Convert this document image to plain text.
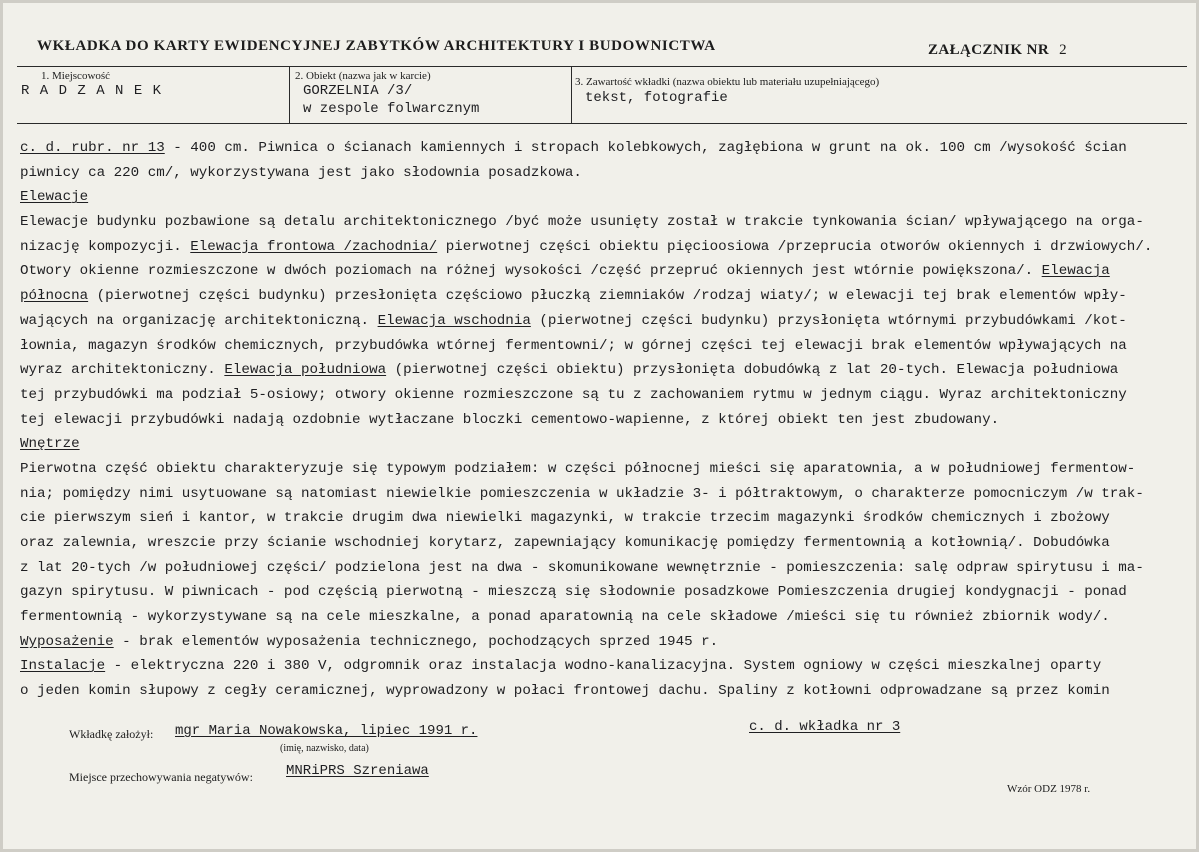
WKŁADKA DO KARTY EWIDENCYJNEJ ZABYTKÓW ARCHITEKTURY I BUDOWNICTWA	ZAŁĄCZNIK NR 2
1. Miejscowość
R A D Z A N E K
2. Obiekt (nazwa jak w karcie)
GORZELNIA /3/
w zespole folwarcznym
3. Zawartość wkładki (nazwa obiektu lub materiału uzupełniającego)
tekst, fotografie
c. d. rubr. nr 13 - 400 cm. Piwnica o ścianach kamiennych i stropach kolebkowych, zagłębiona w grunt na ok. 100 cm /wysokość ścian
piwnicy ca 220 cm/, wykorzystywana jest jako słodownia posadzkowa.
Elewacje
Elewacje budynku pozbawione są detalu architektonicznego /być może usunięty został w trakcie tynkowania ścian/ wpływającego na orga-
nizację kompozycji. Elewacja frontowa /zachodnia/ pierwotnej części obiektu pięcioosiowa /przeprucia otworów okiennych i drzwiowych/.
Otwory okienne rozmieszczone w dwóch poziomach na różnej wysokości /część przepruć okiennych jest wtórnie powiększona/. Elewacja
północna (pierwotnej części budynku) przesłonięta częściowo płuczką ziemniaków /rodzaj wiaty/; w elewacji tej brak elementów wpły-
wających na organizację architektoniczną. Elewacja wschodnia (pierwotnej części budynku) przysłonięta wtórnymi przybudówkami /kot-
łownia, magazyn środków chemicznych, przybudówka wtórnej fermentowni/; w górnej części tej elewacji brak elementów wpływających na
wyraz architektoniczny. Elewacja południowa (pierwotnej części obiektu) przysłonięta dobudówką z lat 20-tych. Elewacja południowa
tej przybudówki ma podział 5-osiowy; otwory okienne rozmieszczone są tu z zachowaniem rytmu w jednym ciągu. Wyraz architektoniczny
tej elewacji przybudówki nadają ozdobnie wytłaczane bloczki cementowo-wapienne, z której obiekt ten jest zbudowany.
Wnętrze
Pierwotna część obiektu charakteryzuje się typowym podziałem: w części północnej mieści się aparatownia, a w południowej fermentow-
nia; pomiędzy nimi usytuowane są natomiast niewielkie pomieszczenia w układzie 3- i półtraktowym, o charakterze pomocniczym /w trak-
cie pierwszym sień i kantor, w trakcie drugim dwa niewielki magazynki, w trakcie trzecim magazynki środków chemicznych i zbożowy
oraz zalewnia, wreszcie przy ścianie wschodniej korytarz, zapewniający komunikację pomiędzy fermentownią a kotłownią/. Dobudówka
z lat 20-tych /w południowej części/ podzielona jest na dwa - skomunikowane wewnętrznie - pomieszczenia: salę odpraw spirytusu i ma-
gazyn spirytusu. W piwnicach - pod częścią pierwotną - mieszczą się słodownie posadzkowe Pomieszczenia drugiej kondygnacji - ponad
fermentownią - wykorzystywane są na cele mieszkalne, a ponad aparatownią na cele składowe /mieści się tu również zbiornik wody/.
Wyposażenie - brak elementów wyposażenia technicznego, pochodzących sprzed 1945 r.
Instalacje - elektryczna 220 i 380 V, odgromnik oraz instalacja wodno-kanalizacyjna. System ogniowy w części mieszkalnej oparty
o jeden komin słupowy z cegły ceramicznej, wyprowadzony w połaci frontowej dachu. Spaliny z kotłowni odprowadzane są przez komin
Wkładkę założył: mgr Maria Nowakowska, lipiec 1991 r.
(imię, nazwisko, data)
c. d. wkładka nr 3
Miejsce przechowywania negatywów: MNRiPRS Szreniawa
Wzór ODZ 1978 r.
